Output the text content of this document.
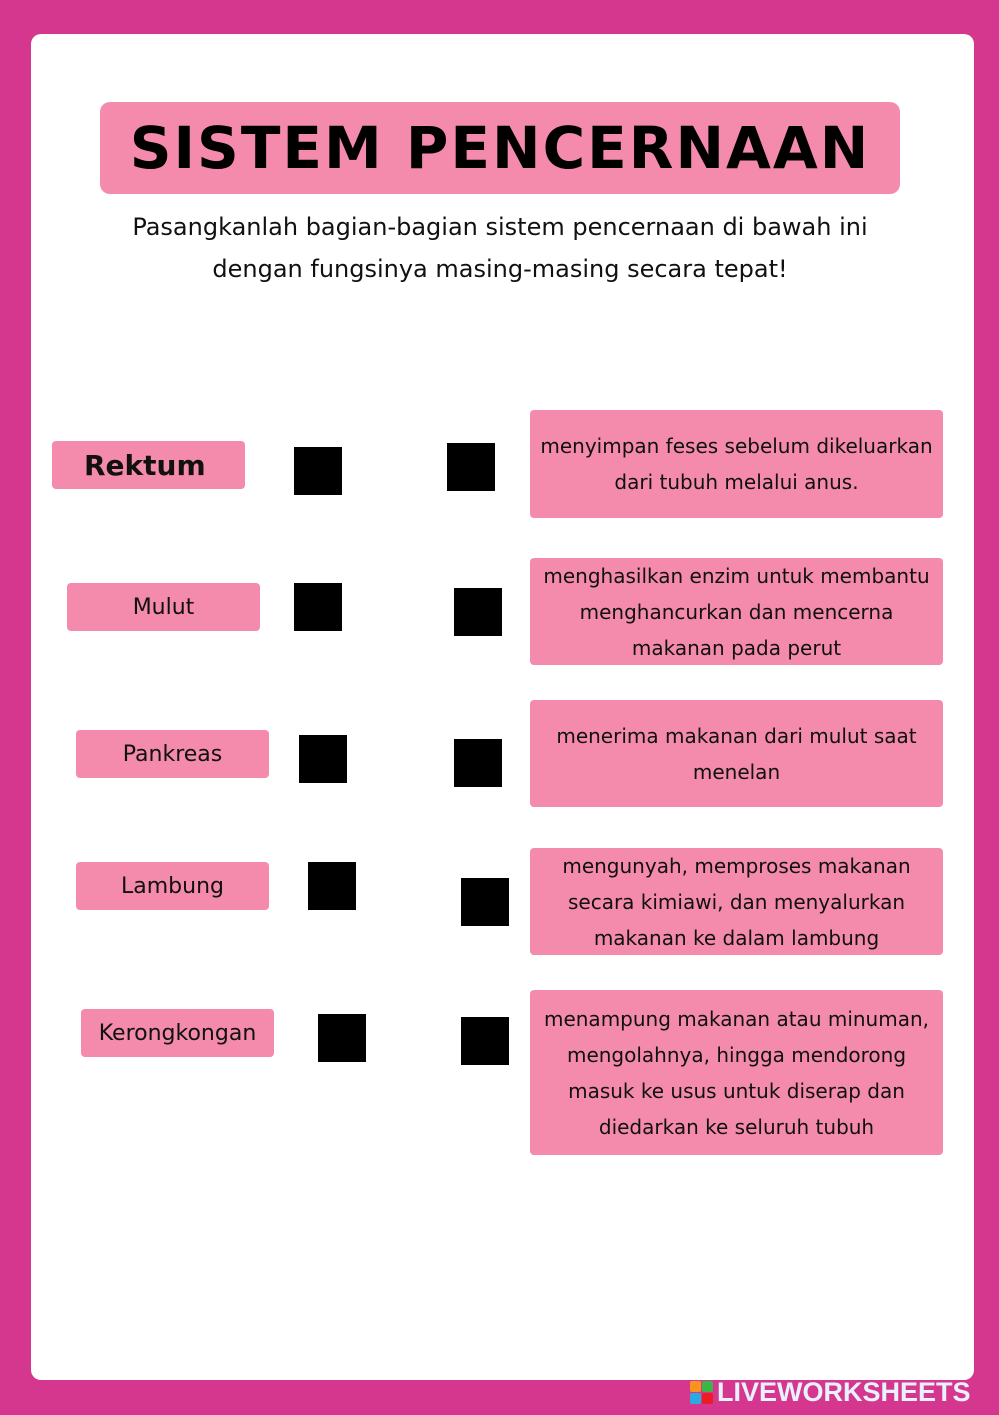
SISTEM PENCERNAAN
Pasangkanlah bagian-bagian sistem pencernaan di bawah ini
dengan fungsinya masing-masing secara tepat!
Rektum
Mulut
Pankreas
Lambung
Kerongkongan
menyimpan feses sebelum dikeluarkan dari tubuh melalui anus.
menghasilkan enzim untuk membantu menghancurkan dan mencerna makanan pada perut
menerima makanan dari mulut saat menelan
mengunyah, memproses makanan secara kimiawi, dan menyalurkan makanan ke dalam lambung
menampung makanan atau minuman, mengolahnya, hingga mendorong masuk ke usus untuk diserap dan diedarkan ke seluruh tubuh
LIVEWORKSHEETS
